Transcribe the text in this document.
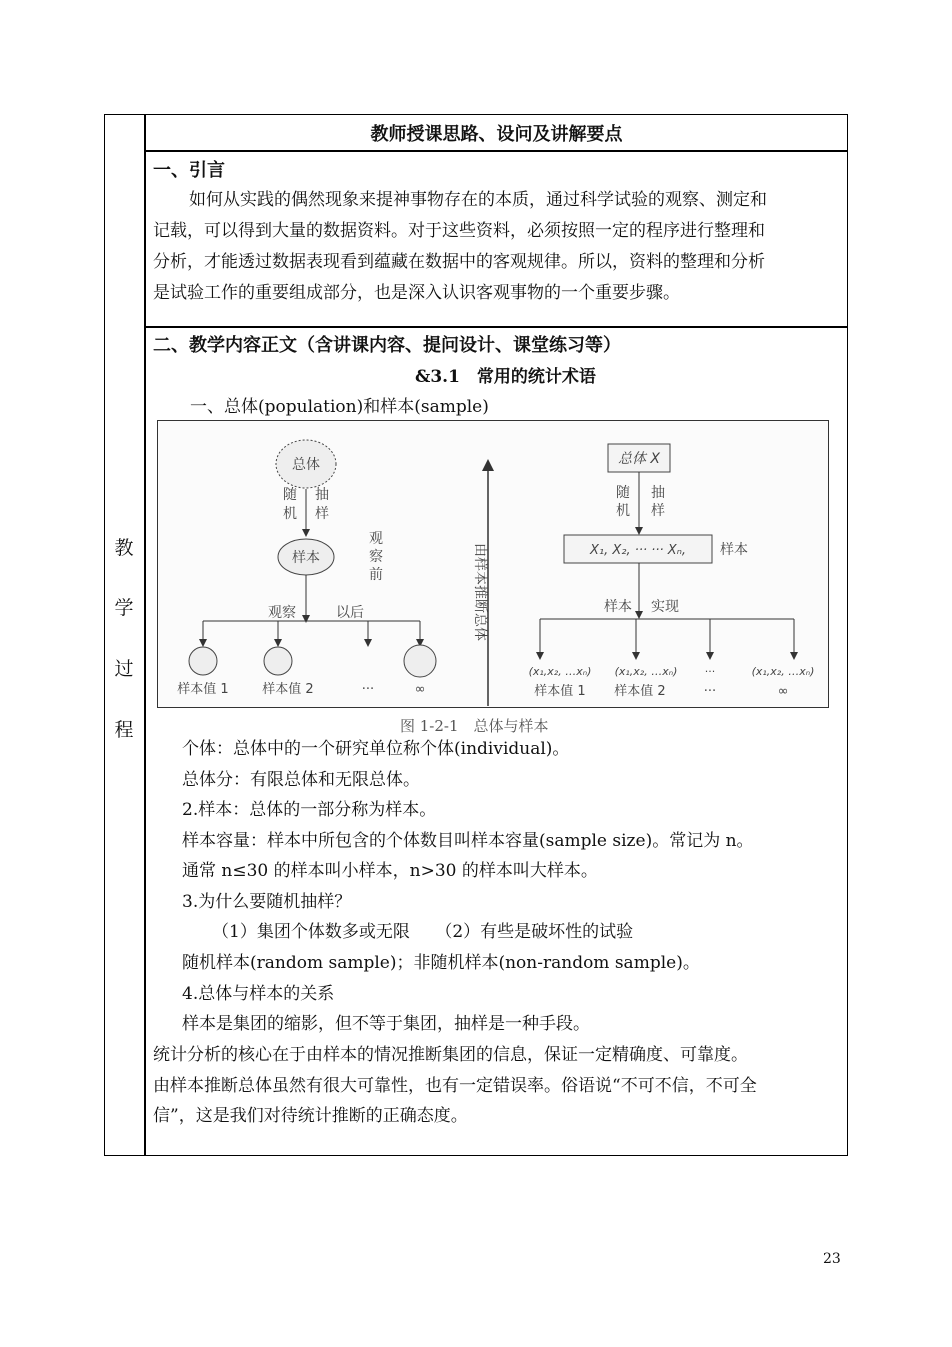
教
学
过
程
教师授课思路、设问及讲解要点
一、引言
如何从实践的偶然现象来提神事物存在的本质，通过科学试验的观察、测定和
记载，可以得到大量的数据资料。对于这些资料，必须按照一定的程序进行整理和
分析，才能透过数据表现看到蕴藏在数据中的客观规律。所以，资料的整理和分析
是试验工作的重要组成部分，也是深入认识客观事物的一个重要步骤。
二、教学内容正文（含讲课内容、提问设计、课堂练习等）
&3.1　常用的统计术语
一、总体(population)和样本(sample)
总体
随
机
抽
样
样本
观
察
前
观察	以后
样本值 1	样本值 2	···	∞
由样本推断总体
总体 X
随
机
抽
样
X₁, X₂, ··· ··· Xₙ, 样本
样本 实现
(x₁,x₂, …xₙ) (x₁,x₂, …xₙ) ···	(x₁,x₂, …xₙ)
样本值 1 样本值 2	···	∞
图 1-2-1　总体与样本
个体：总体中的一个研究单位称个体(individual)。
总体分：有限总体和无限总体。
2.样本：总体的一部分称为样本。
样本容量：样本中所包含的个体数目叫样本容量(sample size)。常记为 n。
通常 n≤30 的样本叫小样本，n>30 的样本叫大样本。
3.为什么要随机抽样？
（1）集团个体数多或无限　　（2）有些是破坏性的试验
随机样本(random sample)；非随机样本(non-random sample)。
4.总体与样本的关系
样本是集团的缩影，但不等于集团，抽样是一种手段。
统计分析的核心在于由样本的情况推断集团的信息，保证一定精确度、可靠度。
由样本推断总体虽然有很大可靠性，也有一定错误率。俗语说“不可不信，不可全
信”，这是我们对待统计推断的正确态度。
23
